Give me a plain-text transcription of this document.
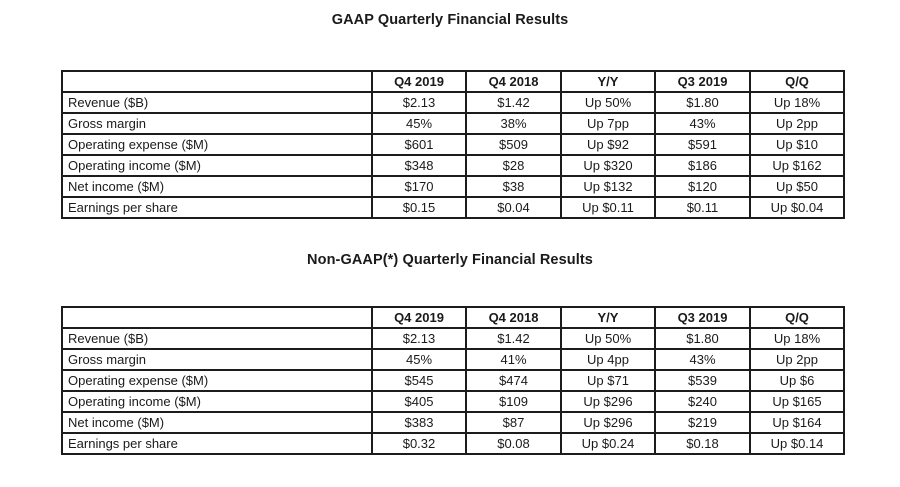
GAAP Quarterly Financial Results
	Q4 2019	Q4 2018	Y/Y	Q3 2019	Q/Q
Revenue ($B)	$2.13	$1.42	Up 50%	$1.80	Up 18%
Gross margin	45%	38%	Up 7pp	43%	Up 2pp
Operating expense ($M)	$601	$509	Up $92	$591	Up $10
Operating income ($M)	$348	$28	Up $320	$186	Up $162
Net income ($M)	$170	$38	Up $132	$120	Up $50
Earnings per share	$0.15	$0.04	Up $0.11	$0.11	Up $0.04
Non-GAAP(*) Quarterly Financial Results
	Q4 2019	Q4 2018	Y/Y	Q3 2019	Q/Q
Revenue ($B)	$2.13	$1.42	Up 50%	$1.80	Up 18%
Gross margin	45%	41%	Up 4pp	43%	Up 2pp
Operating expense ($M)	$545	$474	Up $71	$539	Up $6
Operating income ($M)	$405	$109	Up $296	$240	Up $165
Net income ($M)	$383	$87	Up $296	$219	Up $164
Earnings per share	$0.32	$0.08	Up $0.24	$0.18	Up $0.14
